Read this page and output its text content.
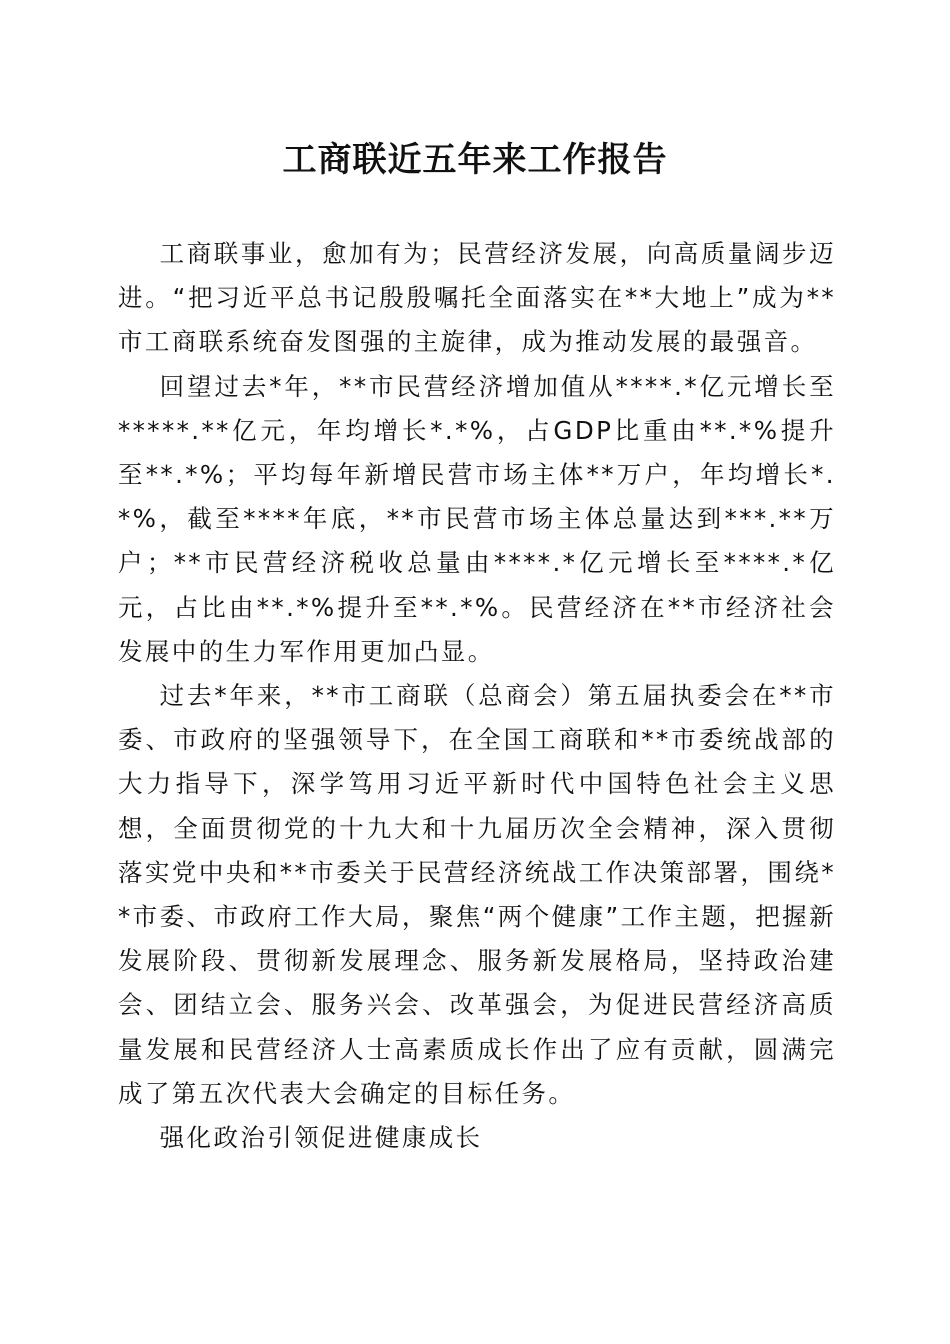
工商联近五年来工作报告

工商联事业，愈加有为；民营经济发展，向高质量阔步迈进。“把习近平总书记殷殷嘱托全面落实在**大地上”成为**市工商联系统奋发图强的主旋律，成为推动发展的最强音。

回望过去*年，**市民营经济增加值从****.*亿元增长至*****.**亿元，年均增长*.*%，占GDP比重由**.*%提升至**.*%；平均每年新增民营市场主体**万户，年均增长*.*%，截至****年底，**市民营市场主体总量达到***.**万户；**市民营经济税收总量由****.*亿元增长至****.*亿元，占比由**.*%提升至**.*%。民营经济在**市经济社会发展中的生力军作用更加凸显。

过去*年来，**市工商联（总商会）第五届执委会在**市委、市政府的坚强领导下，在全国工商联和**市委统战部的大力指导下，深学笃用习近平新时代中国特色社会主义思想，全面贯彻党的十九大和十九届历次全会精神，深入贯彻落实党中央和**市委关于民营经济统战工作决策部署，围绕**市委、市政府工作大局，聚焦“两个健康”工作主题，把握新发展阶段、贯彻新发展理念、服务新发展格局，坚持政治建会、团结立会、服务兴会、改革强会，为促进民营经济高质量发展和民营经济人士高素质成长作出了应有贡献，圆满完成了第五次代表大会确定的目标任务。

强化政治引领促进健康成长
